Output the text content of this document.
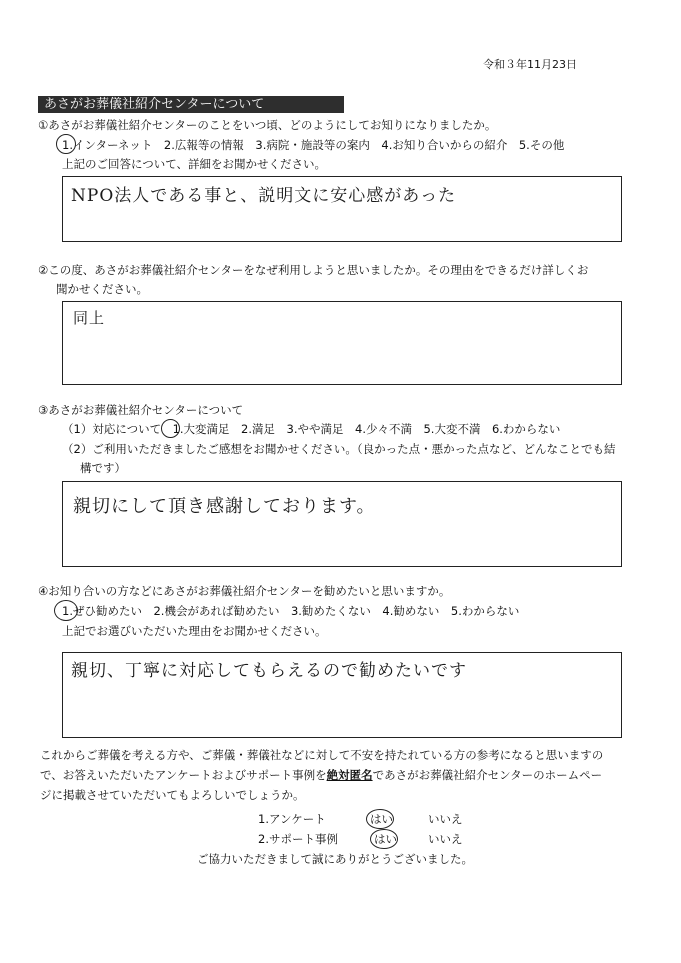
令和３年11月23日
あさがお葬儀社紹介センターについて
①あさがお葬儀社紹介センターのことをいつ頃、どのようにしてお知りになりましたか。
1.インターネット　2.広報等の情報　3.病院・施設等の案内　4.お知り合いからの紹介　5.その他
上記のご回答について、詳細をお聞かせください。
NPO法人である事と、説明文に安心感があった
②この度、あさがお葬儀社紹介センターをなぜ利用しようと思いましたか。その理由をできるだけ詳しくお
聞かせください。
同上
③あさがお葬儀社紹介センターについて
（1）対応について　1.大変満足　2.満足　3.やや満足　4.少々不満　5.大変不満　6.わからない
（2）ご利用いただきましたご感想をお聞かせください。（良かった点・悪かった点など、どんなことでも結
構です）
親切にして頂き感謝しております。
④お知り合いの方などにあさがお葬儀社紹介センターを勧めたいと思いますか。
1.ぜひ勧めたい　2.機会があれば勧めたい　3.勧めたくない　4.勧めない　5.わからない
上記でお選びいただいた理由をお聞かせください。
親切、丁寧に対応してもらえるので勧めたいです
これからご葬儀を考える方や、ご葬儀・葬儀社などに対して不安を持たれている方の参考になると思いますの
で、お答えいただいたアンケートおよびサポート事例を絶対匿名であさがお葬儀社紹介センターのホームペー
ジに掲載させていただいてもよろしいでしょうか。
1.アンケート	はい	いいえ
2.サポート事例	はい	いいえ
ご協力いただきまして誠にありがとうございました。
